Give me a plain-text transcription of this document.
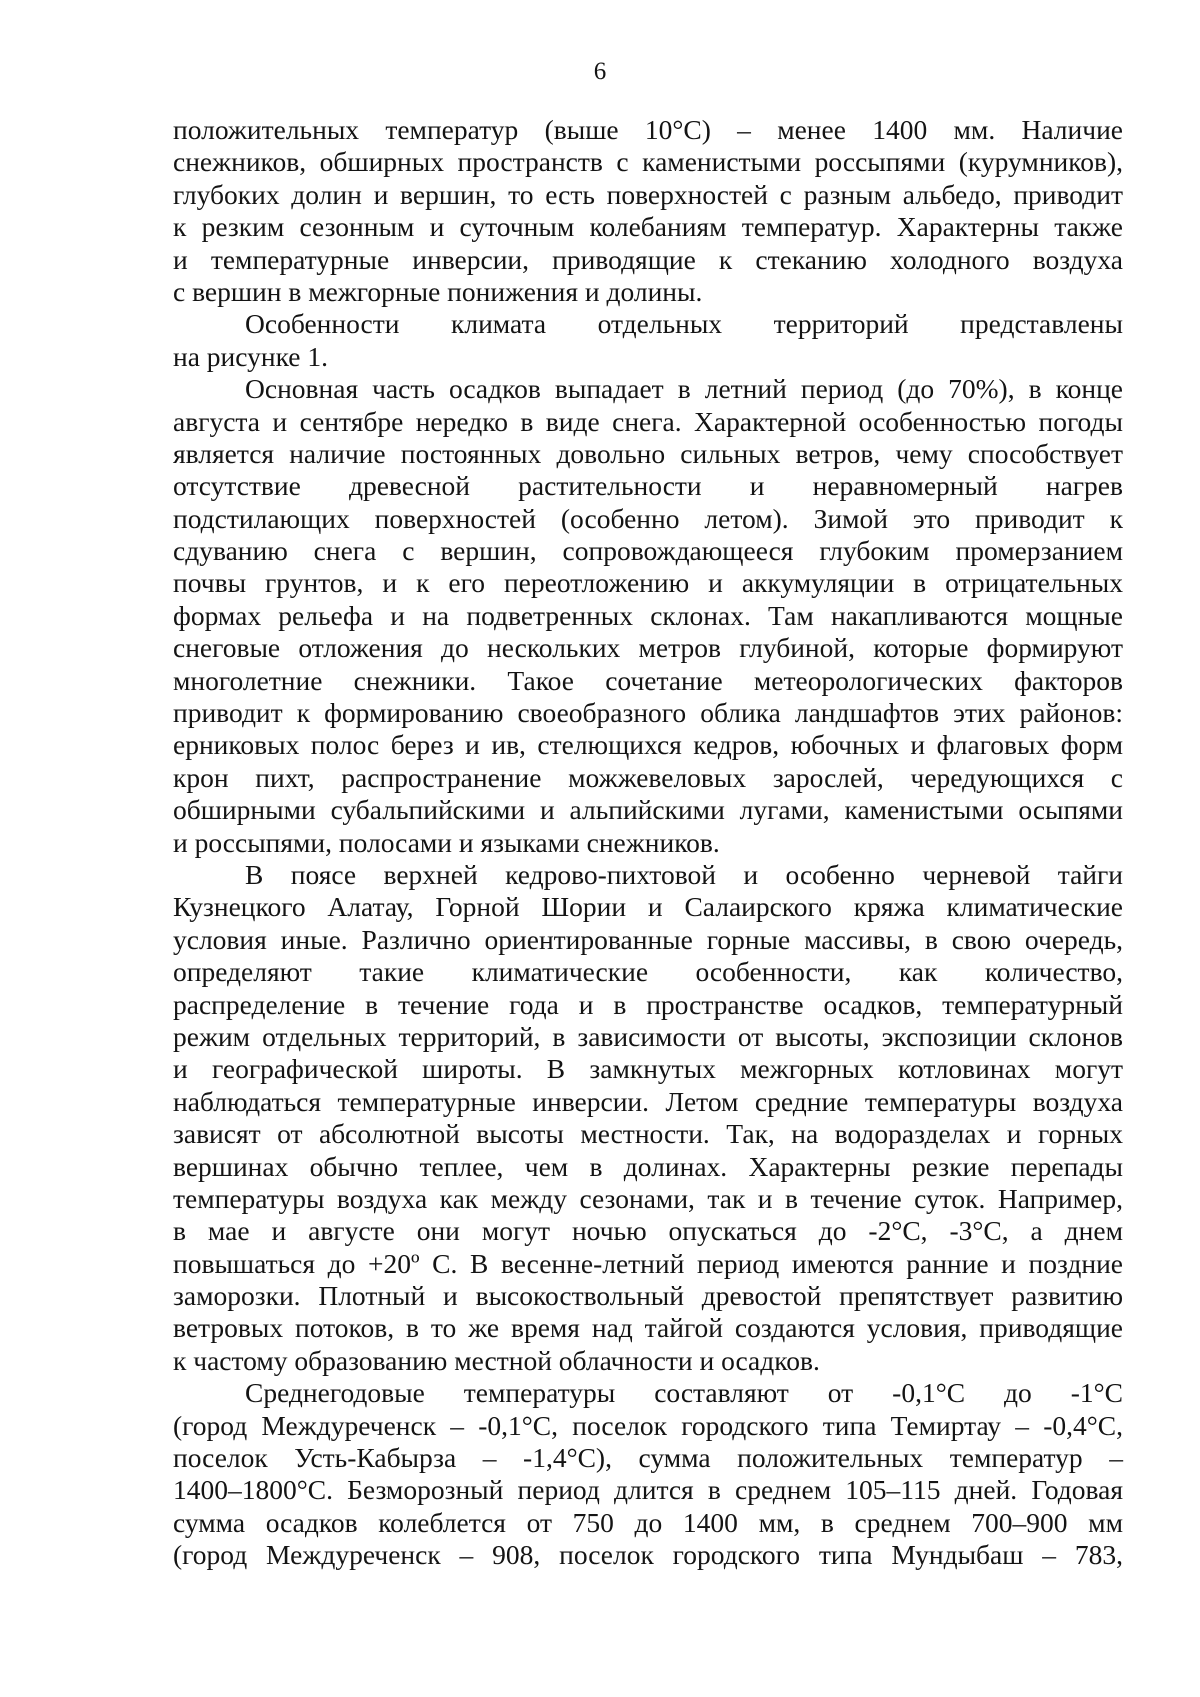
6
положительных температур (выше 10°С) – менее 1400 мм. Наличие
снежников, обширных пространств с каменистыми россыпями (курумников),
глубоких долин и вершин, то есть поверхностей с разным альбедо, приводит
к резким сезонным и суточным колебаниям температур. Характерны также
и температурные инверсии, приводящие к стеканию холодного воздуха
с вершин в межгорные понижения и долины.
Особенности климата отдельных территорий представлены
на рисунке 1.
Основная часть осадков выпадает в летний период (до 70%), в конце
августа и сентябре нередко в виде снега. Характерной особенностью погоды
является наличие постоянных довольно сильных ветров, чему способствует
отсутствие древесной растительности и неравномерный нагрев
подстилающих поверхностей (особенно летом). Зимой это приводит к
сдуванию снега с вершин, сопровождающееся глубоким промерзанием
почвы грунтов, и к его переотложению и аккумуляции в отрицательных
формах рельефа и на подветренных склонах. Там накапливаются мощные
снеговые отложения до нескольких метров глубиной, которые формируют
многолетние снежники. Такое сочетание метеорологических факторов
приводит к формированию своеобразного облика ландшафтов этих районов:
ерниковых полос берез и ив, стелющихся кедров, юбочных и флаговых форм
крон пихт, распространение можжевеловых зарослей, чередующихся с
обширными субальпийскими и альпийскими лугами, каменистыми осыпями
и россыпями, полосами и языками снежников.
В поясе верхней кедрово-пихтовой и особенно черневой тайги
Кузнецкого Алатау, Горной Шории и Салаирского кряжа климатические
условия иные. Различно ориентированные горные массивы, в свою очередь,
определяют такие климатические особенности, как количество,
распределение в течение года и в пространстве осадков, температурный
режим отдельных территорий, в зависимости от высоты, экспозиции склонов
и географической широты. В замкнутых межгорных котловинах могут
наблюдаться температурные инверсии. Летом средние температуры воздуха
зависят от абсолютной высоты местности. Так, на водоразделах и горных
вершинах обычно теплее, чем в долинах. Характерны резкие перепады
температуры воздуха как между сезонами, так и в течение суток. Например,
в мае и августе они могут ночью опускаться до -2°С, -3°С, а днем
повышаться до +20º С. В весенне-летний период имеются ранние и поздние
заморозки. Плотный и высокоствольный древостой препятствует развитию
ветровых потоков, в то же время над тайгой создаются условия, приводящие
к частому образованию местной облачности и осадков.
Среднегодовые температуры составляют от -0,1°С до -1°С
(город Междуреченск – -0,1°С, поселок городского типа Темиртау – -0,4°С,
поселок Усть-Кабырза – -1,4°С), сумма положительных температур –
1400–1800°С. Безморозный период длится в среднем 105–115 дней. Годовая
сумма осадков колеблется от 750 до 1400 мм, в среднем 700–900 мм
(город Междуреченск – 908, поселок городского типа Мундыбаш – 783,
